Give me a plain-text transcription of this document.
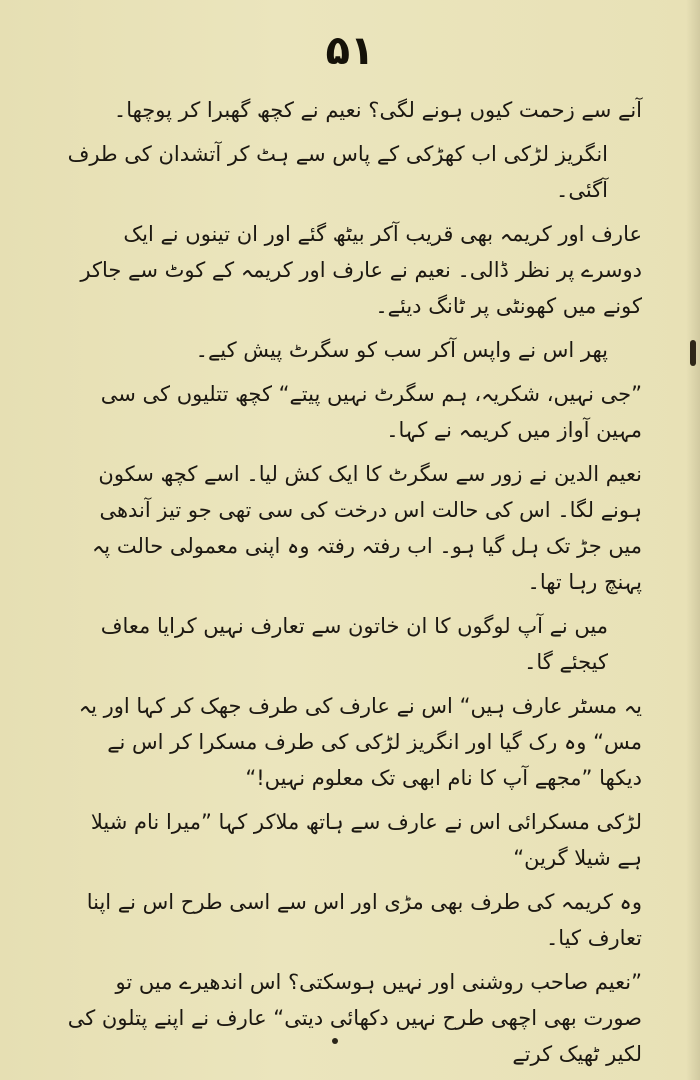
۵۱

آنے سے زحمت کیوں ہونے لگی؟ نعیم نے کچھ گھبرا کر پوچھا۔

انگریز لڑکی اب کھڑکی کے پاس سے ہٹ کر آتشدان کی طرف آگئی۔

عارف اور کریمہ بھی قریب آکر بیٹھ گئے اور ان تینوں نے ایک دوسرے پر نظر ڈالی۔ نعیم نے عارف اور کریمہ کے کوٹ سے جاکر کونے میں کھونٹی پر ٹانگ دیئے۔

پھر اس نے واپس آکر سب کو سگرٹ پیش کیے۔

”جی نہیں، شکریہ، ہم سگرٹ نہیں پیتے“ کچھ تتلیوں کی سی مہین آواز میں کریمہ نے کہا۔

نعیم الدین نے زور سے سگرٹ کا ایک کش لیا۔ اسے کچھ سکون ہونے لگا۔ اس کی حالت اس درخت کی سی تھی جو تیز آندھی میں جڑ تک ہل گیا ہو۔ اب رفتہ رفتہ وہ اپنی معمولی حالت پہ پہنچ رہا تھا۔

میں نے آپ لوگوں کا ان خاتون سے تعارف نہیں کرایا معاف کیجئے گا۔

یہ مسٹر عارف ہیں“ اس نے عارف کی طرف جھک کر کہا اور یہ مس“ وہ رک گیا اور انگریز لڑکی کی طرف مسکرا کر اس نے دیکھا ”مجھے آپ کا نام ابھی تک معلوم نہیں!“

لڑکی مسکرائی اس نے عارف سے ہاتھ ملاکر کہا ”میرا نام شیلا ہے شیلا گرین“

وہ کریمہ کی طرف بھی مڑی اور اس سے اسی طرح اس نے اپنا تعارف کیا۔

”نعیم صاحب روشنی اور نہیں ہوسکتی؟ اس اندھیرے میں تو صورت بھی اچھی طرح نہیں دکھائی دیتی“ عارف نے اپنے پتلون کی لکیر ٹھیک کرتے
